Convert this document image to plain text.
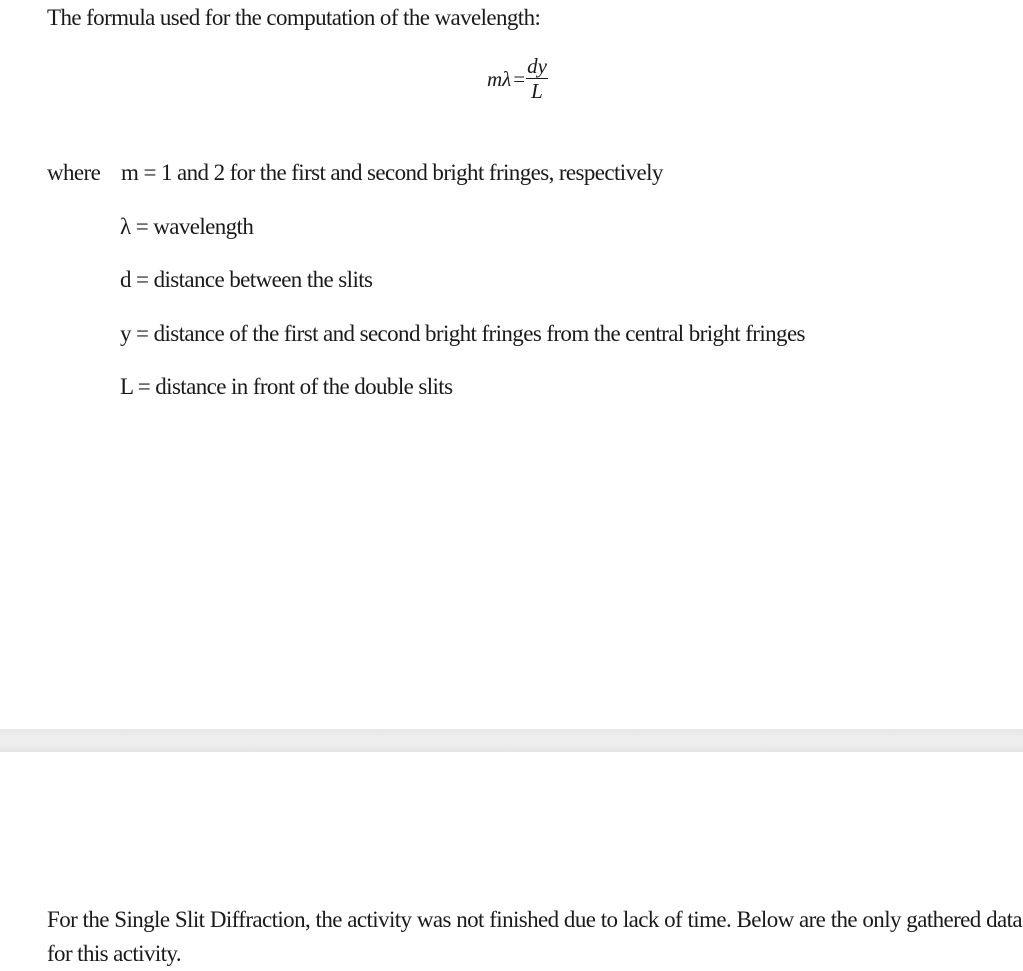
The formula used for the computation of the wavelength:
$m\lambda = \frac{dy}{L}$
where m = 1 and 2 for the first and second bright fringes, respectively
λ = wavelength
d = distance between the slits
y = distance of the first and second bright fringes from the central bright fringes
L = distance in front of the double slits
For the Single Slit Diffraction, the activity was not finished due to lack of time. Below are the only gathered data for this activity.
